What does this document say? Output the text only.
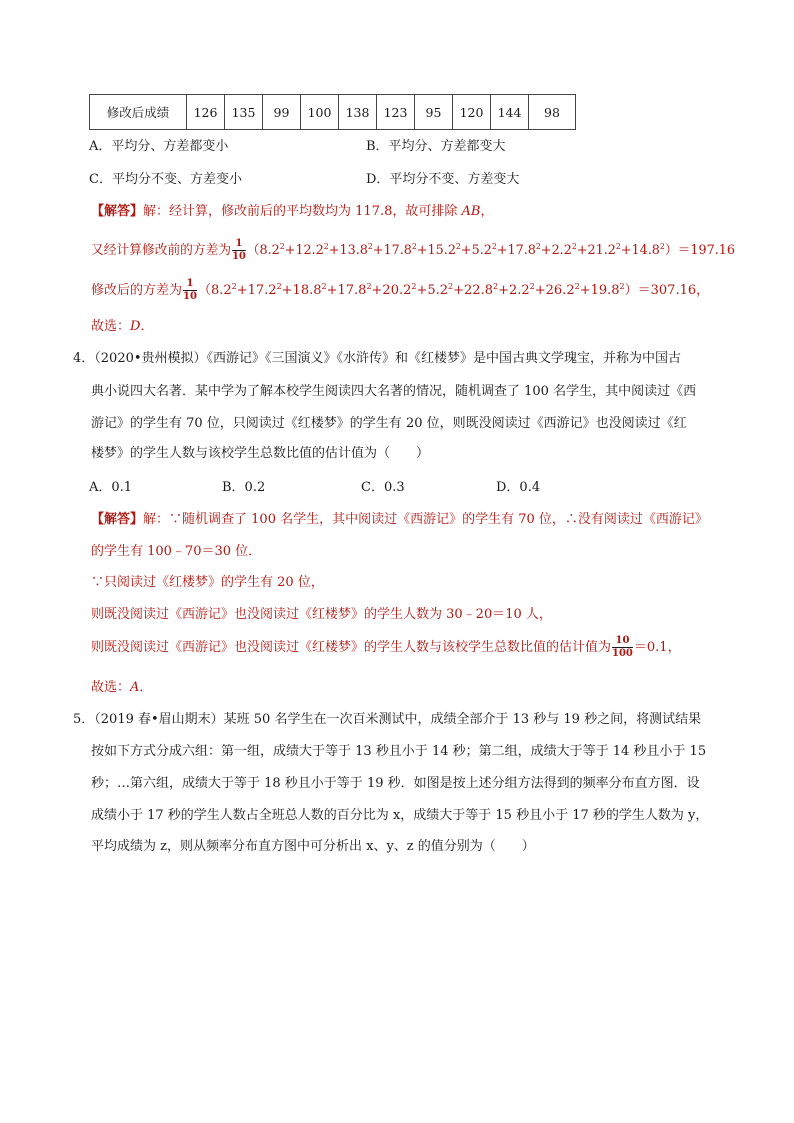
修改后成绩	126	135	99	100	138	123	95	120	144	98
A．平均分、方差都变小	B．平均分、方差都变大
C．平均分不变、方差变小	D．平均分不变、方差变大
【解答】解：经计算，修改前后的平均数均为 117.8，故可排除 AB，
又经计算修改前的方差为 $\frac{1}{10} (8.2^2+12.2^2+13.8^2+17.8^2+15.2^2+5.2^2+17.8^2+2.2^2+21.2^2+14.8^2)=197.16$
修改后的方差为 $\frac{1}{10} (8.2^2+17.2^2+18.8^2+17.8^2+20.2^2+5.2^2+22.8^2+2.2^2+26.2^2+19.8^2)=307.16$，
故选：D．
4．（2020•贵州模拟）《西游记》《三国演义》《水浒传》和《红楼梦》是中国古典文学瑰宝，并称为中国古
典小说四大名著．某中学为了解本校学生阅读四大名著的情况，随机调查了 100 名学生，其中阅读过《西
游记》的学生有 70 位，只阅读过《红楼梦》的学生有 20 位，则既没阅读过《西游记》也没阅读过《红
楼梦》的学生人数与该校学生总数比值的估计值为（　　）
A．0.1	B．0.2	C．0.3	D．0.4
【解答】解：∵随机调查了 100 名学生，其中阅读过《西游记》的学生有 70 位，∴没有阅读过《西游记》
的学生有 100﹣70＝30 位．
∵只阅读过《红楼梦》的学生有 20 位，
则既没阅读过《西游记》也没阅读过《红楼梦》的学生人数为 30﹣20＝10 人，
则既没阅读过《西游记》也没阅读过《红楼梦》的学生人数与该校学生总数比值的估计值为 $\frac{10}{100} =0.1$，
故选：A．
5．（2019 春•眉山期末）某班 50 名学生在一次百米测试中，成绩全部介于 13 秒与 19 秒之间，将测试结果
按如下方式分成六组：第一组，成绩大于等于 13 秒且小于 14 秒；第二组，成绩大于等于 14 秒且小于 15
秒；…第六组，成绩大于等于 18 秒且小于等于 19 秒．如图是按上述分组方法得到的频率分布直方图．设
成绩小于 17 秒的学生人数占全班总人数的百分比为 x，成绩大于等于 15 秒且小于 17 秒的学生人数为 y，
平均成绩为 z，则从频率分布直方图中可分析出 x、y、z 的值分别为（　　）
